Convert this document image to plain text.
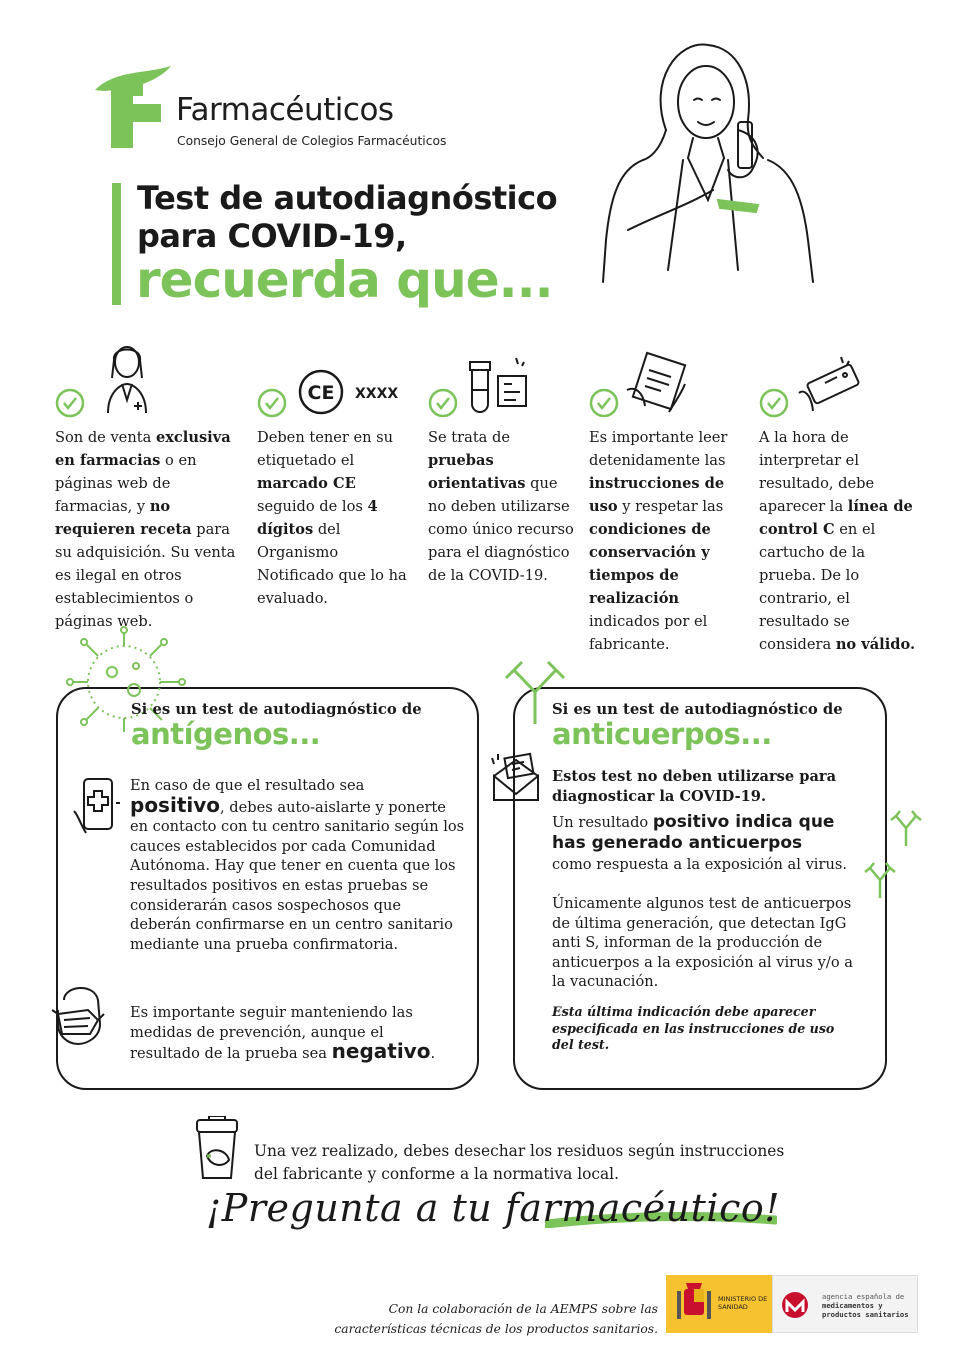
Farmacéuticos
Consejo General de Colegios Farmacéuticos
Test de autodiagnóstico
para COVID-19,
recuerda que...
Son de venta exclusiva en farmacias o en páginas web de farmacias, y no requieren receta para su adquisición. Su venta es ilegal en otros establecimientos o páginas web.
CE XXXX
Deben tener en su etiquetado el marcado CE seguido de los 4 dígitos del Organismo Notificado que lo ha evaluado.
Se trata de pruebas orientativas que no deben utilizarse como único recurso para el diagnóstico de la COVID-19.
Es importante leer detenidamente las instrucciones de uso y respetar las condiciones de conservación y tiempos de realización indicados por el fabricante.
A la hora de interpretar el resultado, debe aparecer la línea de control C en el cartucho de la prueba. De lo contrario, el resultado se considera no válido.
Si es un test de autodiagnóstico de
antígenos...
En caso de que el resultado sea
positivo, debes auto-aislarte y ponerte en contacto con tu centro sanitario según los cauces establecidos por cada Comunidad Autónoma. Hay que tener en cuenta que los resultados positivos en estas pruebas se considerarán casos sospechosos que deberán confirmarse en un centro sanitario mediante una prueba confirmatoria.
Es importante seguir manteniendo las medidas de prevención, aunque el resultado de la prueba sea negativo.
Si es un test de autodiagnóstico de
anticuerpos...
Estos test no deben utilizarse para diagnosticar la COVID-19.
Un resultado positivo indica que has generado anticuerpos
como respuesta a la exposición al virus.
Únicamente algunos test de anticuerpos de última generación, que detectan IgG anti S, informan de la producción de anticuerpos a la exposición al virus y/o a la vacunación.
Esta última indicación debe aparecer especificada en las instrucciones de uso del test.
Una vez realizado, debes desechar los residuos según instrucciones del fabricante y conforme a la normativa local.
¡Pregunta a tu farmacéutico!
Con la colaboración de la AEMPS sobre las características técnicas de los productos sanitarios.
MINISTERIO DE SANIDAD
agencia española de
medicamentos y
productos sanitarios
